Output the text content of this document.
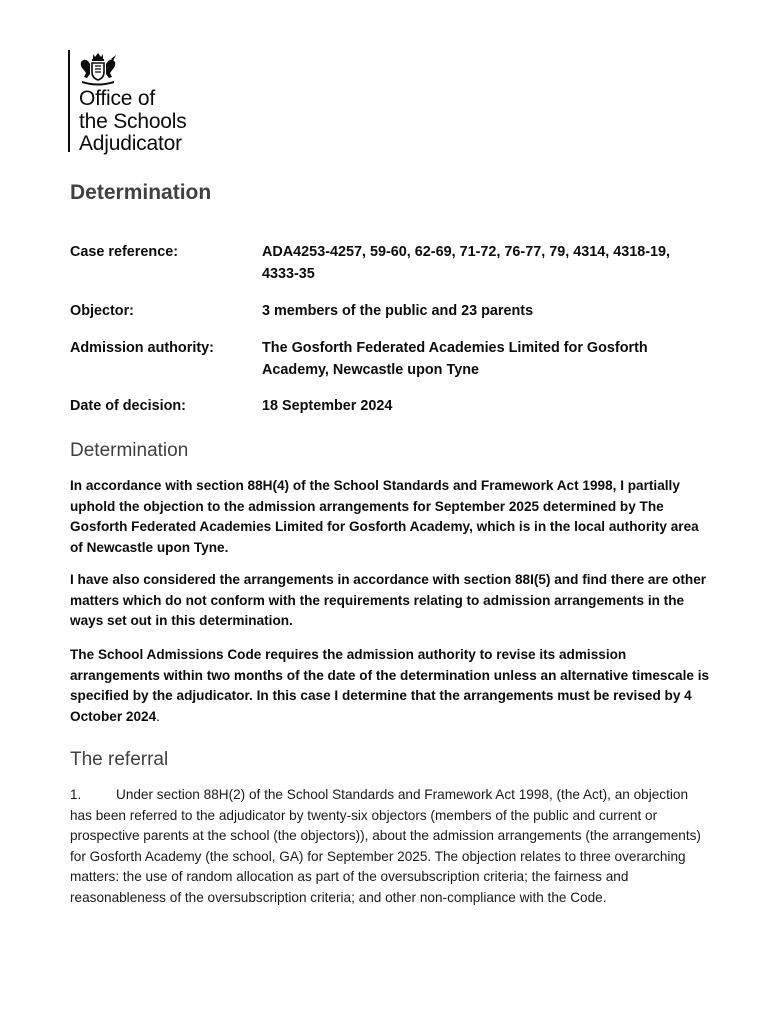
Office of
the Schools
Adjudicator
Determination
Case reference:	ADA4253-4257, 59-60, 62-69, 71-72, 76-77, 79, 4314, 4318-19, 4333-35
Objector:	3 members of the public and 23 parents
Admission authority:	The Gosforth Federated Academies Limited for Gosforth Academy, Newcastle upon Tyne
Date of decision:	18 September 2024
Determination

In accordance with section 88H(4) of the School Standards and Framework Act 1998, I partially uphold the objection to the admission arrangements for September 2025 determined by The Gosforth Federated Academies Limited for Gosforth Academy, which is in the local authority area of Newcastle upon Tyne.

I have also considered the arrangements in accordance with section 88I(5) and find there are other matters which do not conform with the requirements relating to admission arrangements in the ways set out in this determination.

The School Admissions Code requires the admission authority to revise its admission arrangements within two months of the date of the determination unless an alternative timescale is specified by the adjudicator. In this case I determine that the arrangements must be revised by 4 October 2024.

The referral

1.	Under section 88H(2) of the School Standards and Framework Act 1998, (the Act), an objection has been referred to the adjudicator by twenty-six objectors (members of the public and current or prospective parents at the school (the objectors)), about the admission arrangements (the arrangements) for Gosforth Academy (the school, GA) for September 2025. The objection relates to three overarching matters: the use of random allocation as part of the oversubscription criteria; the fairness and reasonableness of the oversubscription criteria; and other non-compliance with the Code.
